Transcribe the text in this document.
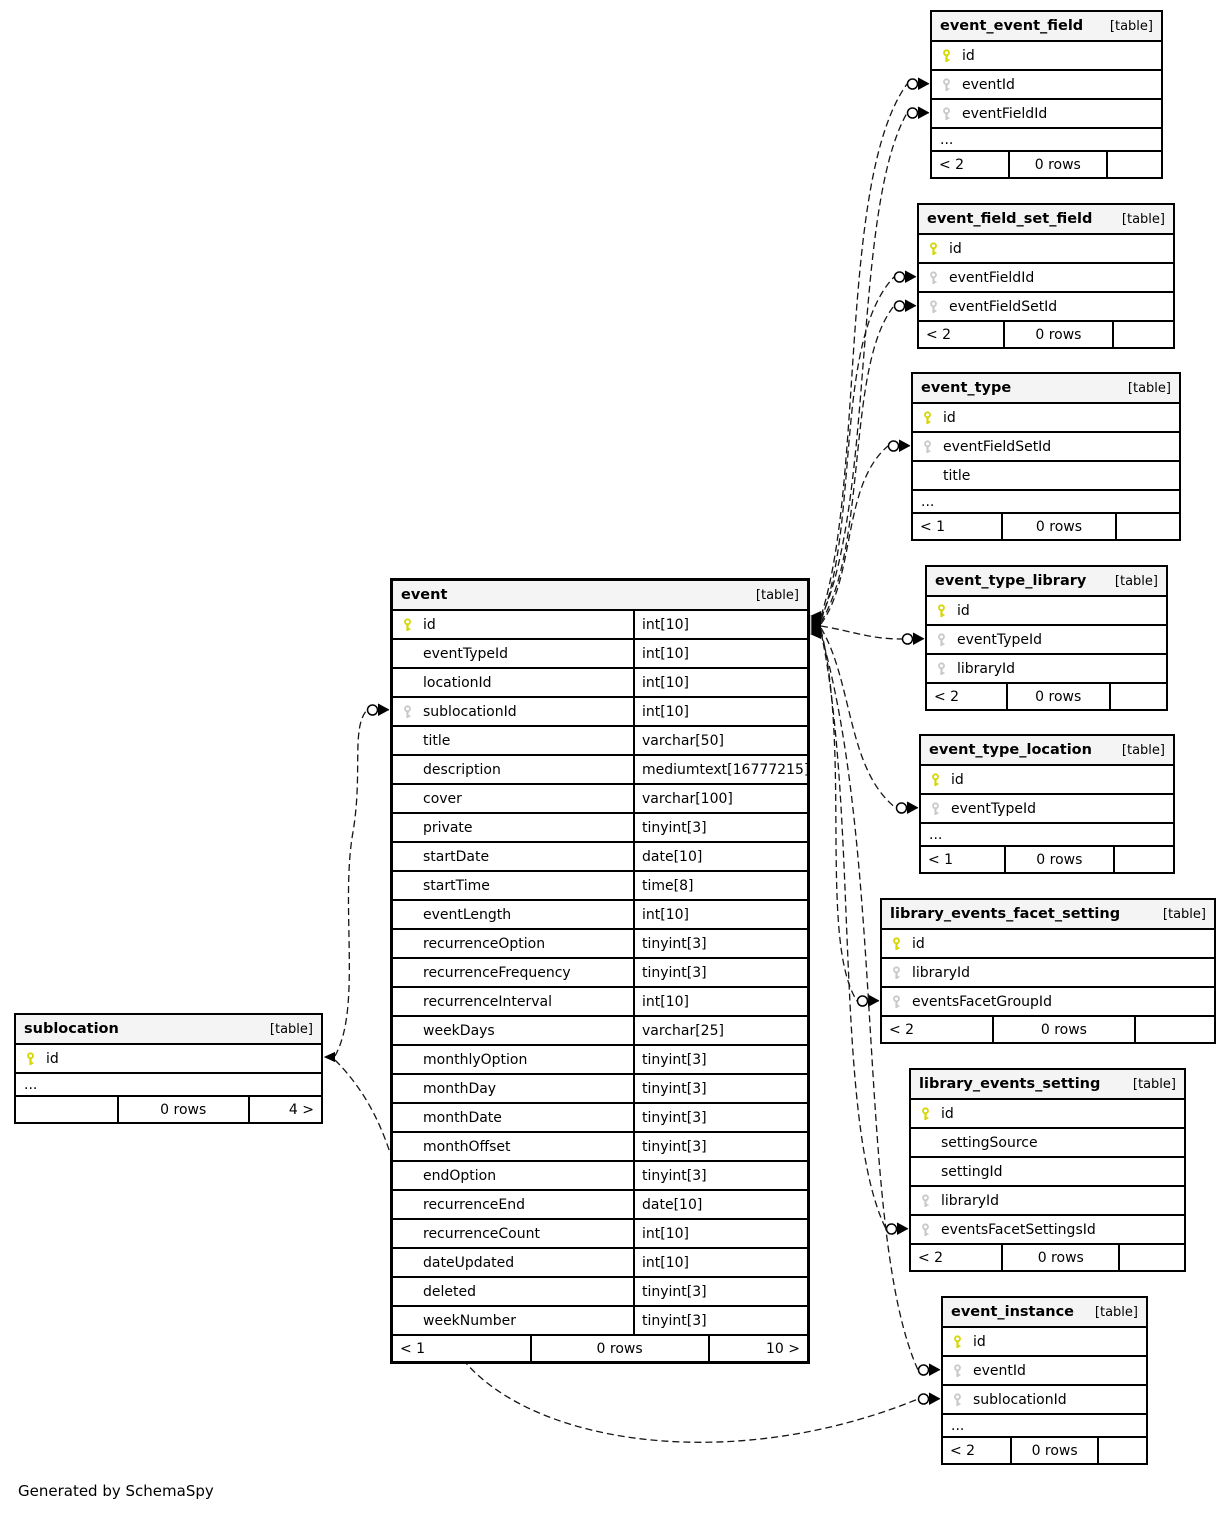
event_event_field [table]
id
eventId
eventFieldId
...
< 2	0 rows
event_field_set_field [table]
id
eventFieldId
eventFieldSetId
< 2	0 rows
event_type	[table]
id
eventFieldSetId
title
...
< 1	0 rows
event_type_library [table]
id
eventTypeId
libraryId
< 2	0 rows
event_type_location [table]
id
eventTypeId
...
< 1	0 rows
library_events_facet_setting	[table]
id
libraryId
eventsFacetGroupId
< 2	0 rows
library_events_setting	[table]
id
settingSource
settingId
libraryId
eventsFacetSettingsId
< 2	0 rows
event_instance [table]
id
eventId
sublocationId
...
< 2	0 rows
event	[table]
id	int[10]
eventTypeId	int[10]
locationId	int[10]
sublocationId	int[10]
title	varchar[50]
description	mediumtext[16777215]
cover	varchar[100]
private	tinyint[3]
startDate	date[10]
startTime	time[8]
eventLength	int[10]
recurrenceOption	tinyint[3]
recurrenceFrequency	tinyint[3]
recurrenceInterval	int[10]
weekDays	varchar[25]
monthlyOption	tinyint[3]
monthDay	tinyint[3]
monthDate	tinyint[3]
monthOffset	tinyint[3]
endOption	tinyint[3]
recurrenceEnd	date[10]
recurrenceCount	int[10]
dateUpdated	int[10]
deleted	tinyint[3]
weekNumber	tinyint[3]
< 1	0 rows	10 >
sublocation	[table]
id
...
0 rows	4 >
Generated by SchemaSpy
